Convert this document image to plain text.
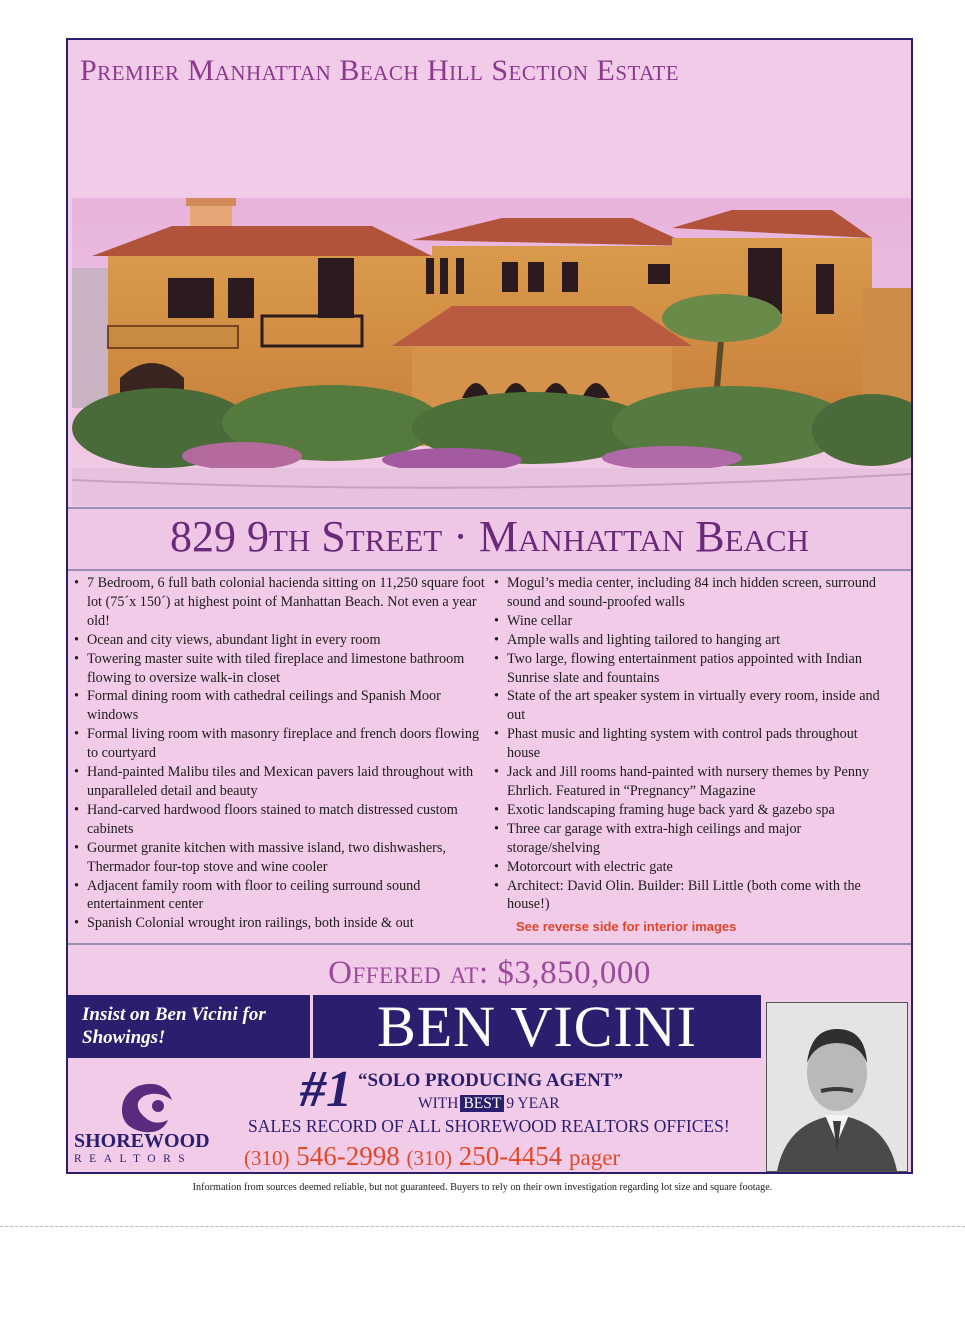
Premier Manhattan Beach Hill Section Estate
829 9th Street · Manhattan Beach
• 7 Bedroom, 6 full bath colonial hacienda sitting on 11,250 square foot lot (75´x 150´) at highest point of Manhattan Beach. Not even a year old!
• Ocean and city views, abundant light in every room
• Towering master suite with tiled fireplace and limestone bathroom flowing to oversize walk-in closet
• Formal dining room with cathedral ceilings and Spanish Moor windows
• Formal living room with masonry fireplace and french doors flowing to courtyard
• Hand-painted Malibu tiles and Mexican pavers laid throughout with unparalleled detail and beauty
• Hand-carved hardwood floors stained to match distressed custom cabinets
• Gourmet granite kitchen with massive island, two dishwashers, Thermador four-top stove and wine cooler
• Adjacent family room with floor to ceiling surround sound entertainment center
• Spanish Colonial wrought iron railings, both inside & out
• Mogul’s media center, including 84 inch hidden screen, surround sound and sound-proofed walls
• Wine cellar
• Ample walls and lighting tailored to hanging art
• Two large, flowing entertainment patios appointed with Indian Sunrise slate and fountains
• State of the art speaker system in virtually every room, inside and out
• Phast music and lighting system with control pads throughout house
• Jack and Jill rooms hand-painted with nursery themes by Penny Ehrlich. Featured in “Pregnancy” Magazine
• Exotic landscaping framing huge back yard & gazebo spa
• Three car garage with extra-high ceilings and major storage/shelving
• Motorcourt with electric gate
• Architect: David Olin. Builder: Bill Little (both come with the house!)
See reverse side for interior images
Offered at: $3,850,000
Insist on Ben Vicini for Showings!	BEN VICINI
SHOREWOOD
REALTORS
#1 “SOLO PRODUCING AGENT”
WITH BEST 9 YEAR
SALES RECORD OF ALL SHOREWOOD REALTORS OFFICES!
(310) 546-2998 (310) 250-4454 pager
Information from sources deemed reliable, but not guaranteed. Buyers to rely on their own investigation regarding lot size and square footage.
